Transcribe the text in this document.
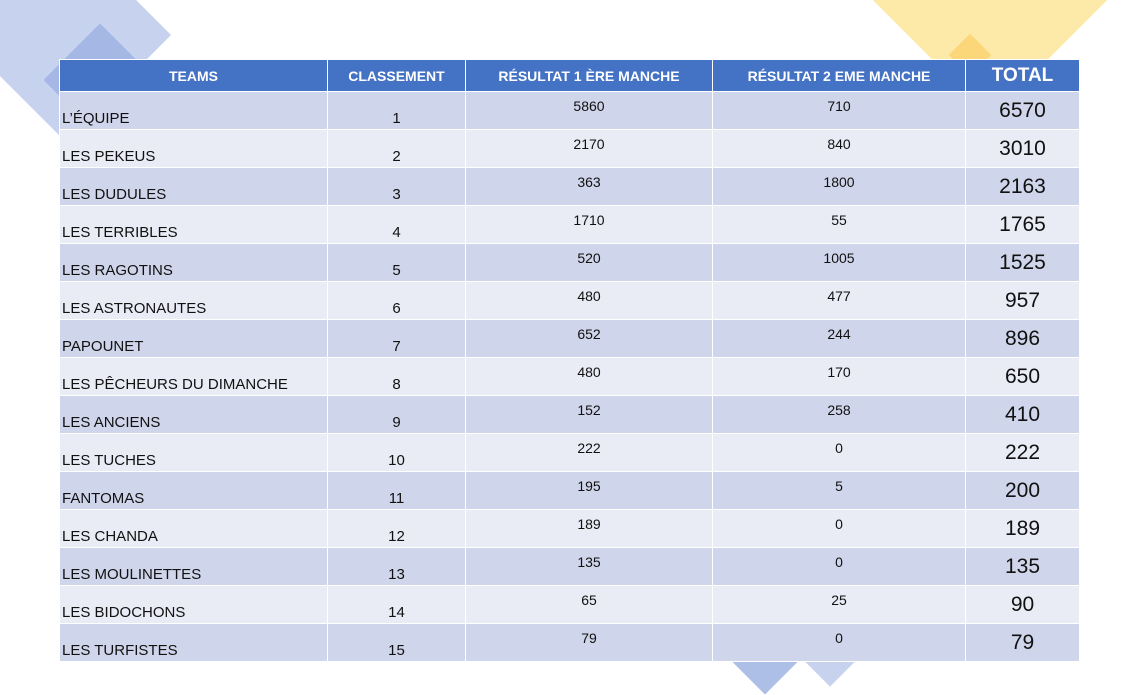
TEAMS	CLASSEMENT	RÉSULTAT 1 ÈRE MANCHE	RÉSULTAT 2 EME MANCHE	TOTAL
L’ÉQUIPE	1	5860	710	6570
LES PEKEUS	2	2170	840	3010
LES DUDULES	3	363	1800	2163
LES TERRIBLES	4	1710	55	1765
LES RAGOTINS	5	520	1005	1525
LES ASTRONAUTES	6	480	477	957
PAPOUNET	7	652	244	896
LES PÊCHEURS DU DIMANCHE	8	480	170	650
LES ANCIENS	9	152	258	410
LES TUCHES	10	222	0	222
FANTOMAS	11	195	5	200
LES CHANDA	12	189	0	189
LES MOULINETTES	13	135	0	135
LES BIDOCHONS	14	65	25	90
LES TURFISTES	15	79	0	79
